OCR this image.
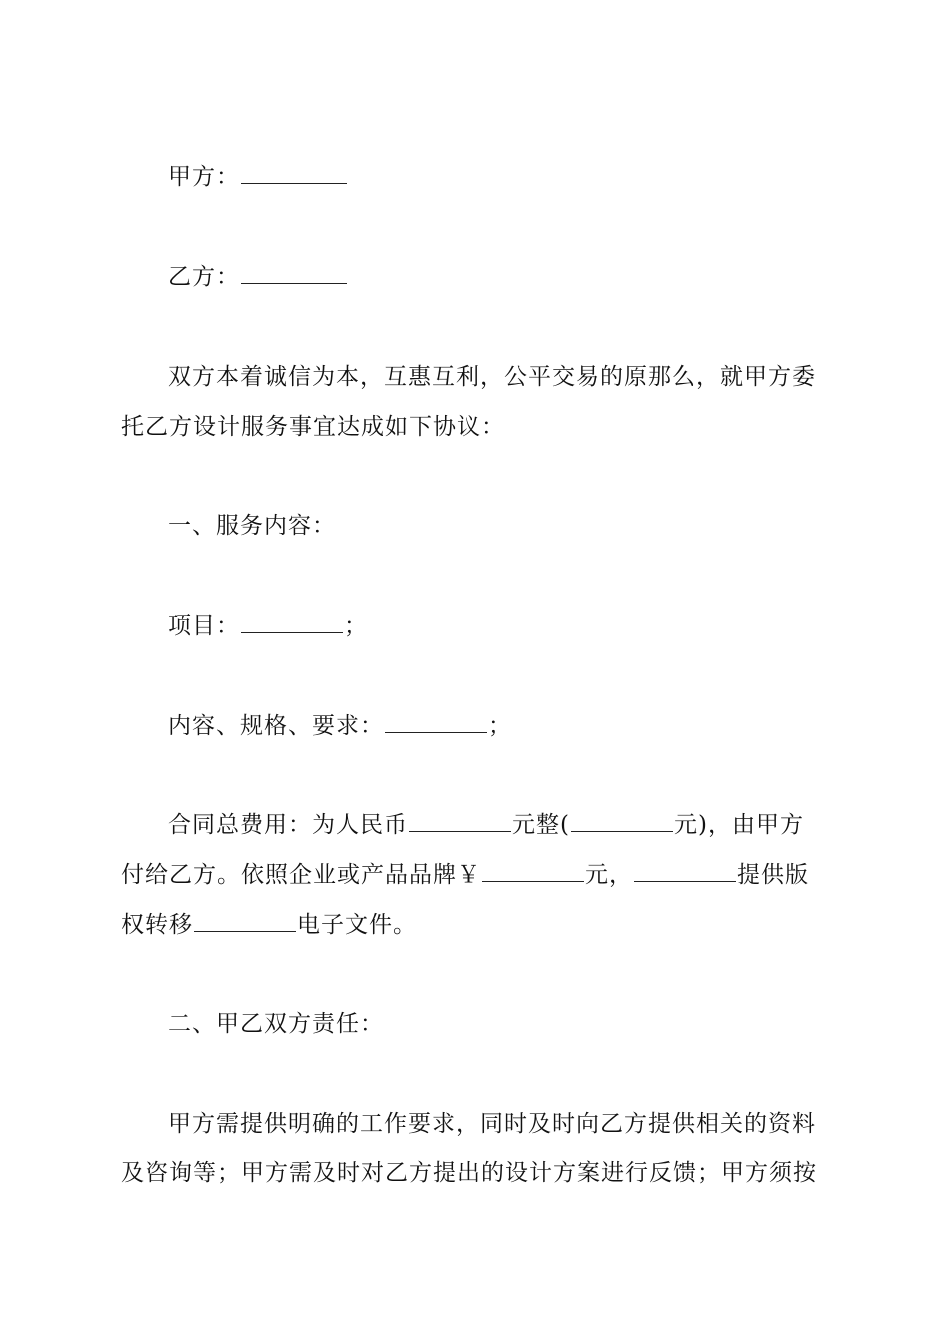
甲方：
乙方：
双方本着诚信为本，互惠互利，公平交易的原那么，就甲方委
托乙方设计服务事宜达成如下协议：
一、服务内容：
项目：	；
内容、规格、要求：	；
合同总费用：为人民币	元整(	元)，由甲方
付给乙方。依照企业或产品品牌￥	元，	提供版
权转移	电子文件。
二、甲乙双方责任：
甲方需提供明确的工作要求，同时及时向乙方提供相关的资料
及咨询等；甲方需及时对乙方提出的设计方案进行反馈；甲方须按
